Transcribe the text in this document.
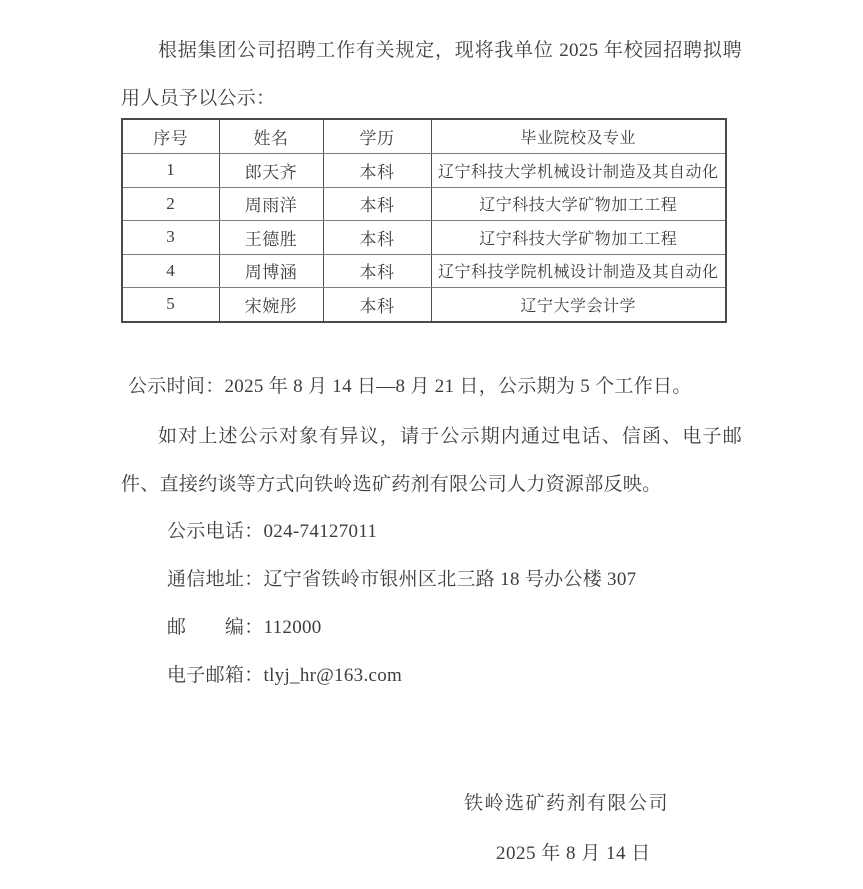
根据集团公司招聘工作有关规定，现将我单位 2025 年校园招聘拟聘用人员予以公示：

序号	姓名	学历	毕业院校及专业
1	郎天齐	本科	辽宁科技大学机械设计制造及其自动化
2	周雨洋	本科	辽宁科技大学矿物加工工程
3	王德胜	本科	辽宁科技大学矿物加工工程
4	周博涵	本科	辽宁科技学院机械设计制造及其自动化
5	宋婉彤	本科	辽宁大学会计学

公示时间：2025 年 8 月 14 日—8 月 21 日，公示期为 5 个工作日。

如对上述公示对象有异议，请于公示期内通过电话、信函、电子邮件、直接约谈等方式向铁岭选矿药剂有限公司人力资源部反映。

公示电话：024-74127011

通信地址：辽宁省铁岭市银州区北三路 18 号办公楼 307

邮　　编：112000

电子邮箱：tlyj_hr@163.com

铁岭选矿药剂有限公司

2025 年 8 月 14 日
